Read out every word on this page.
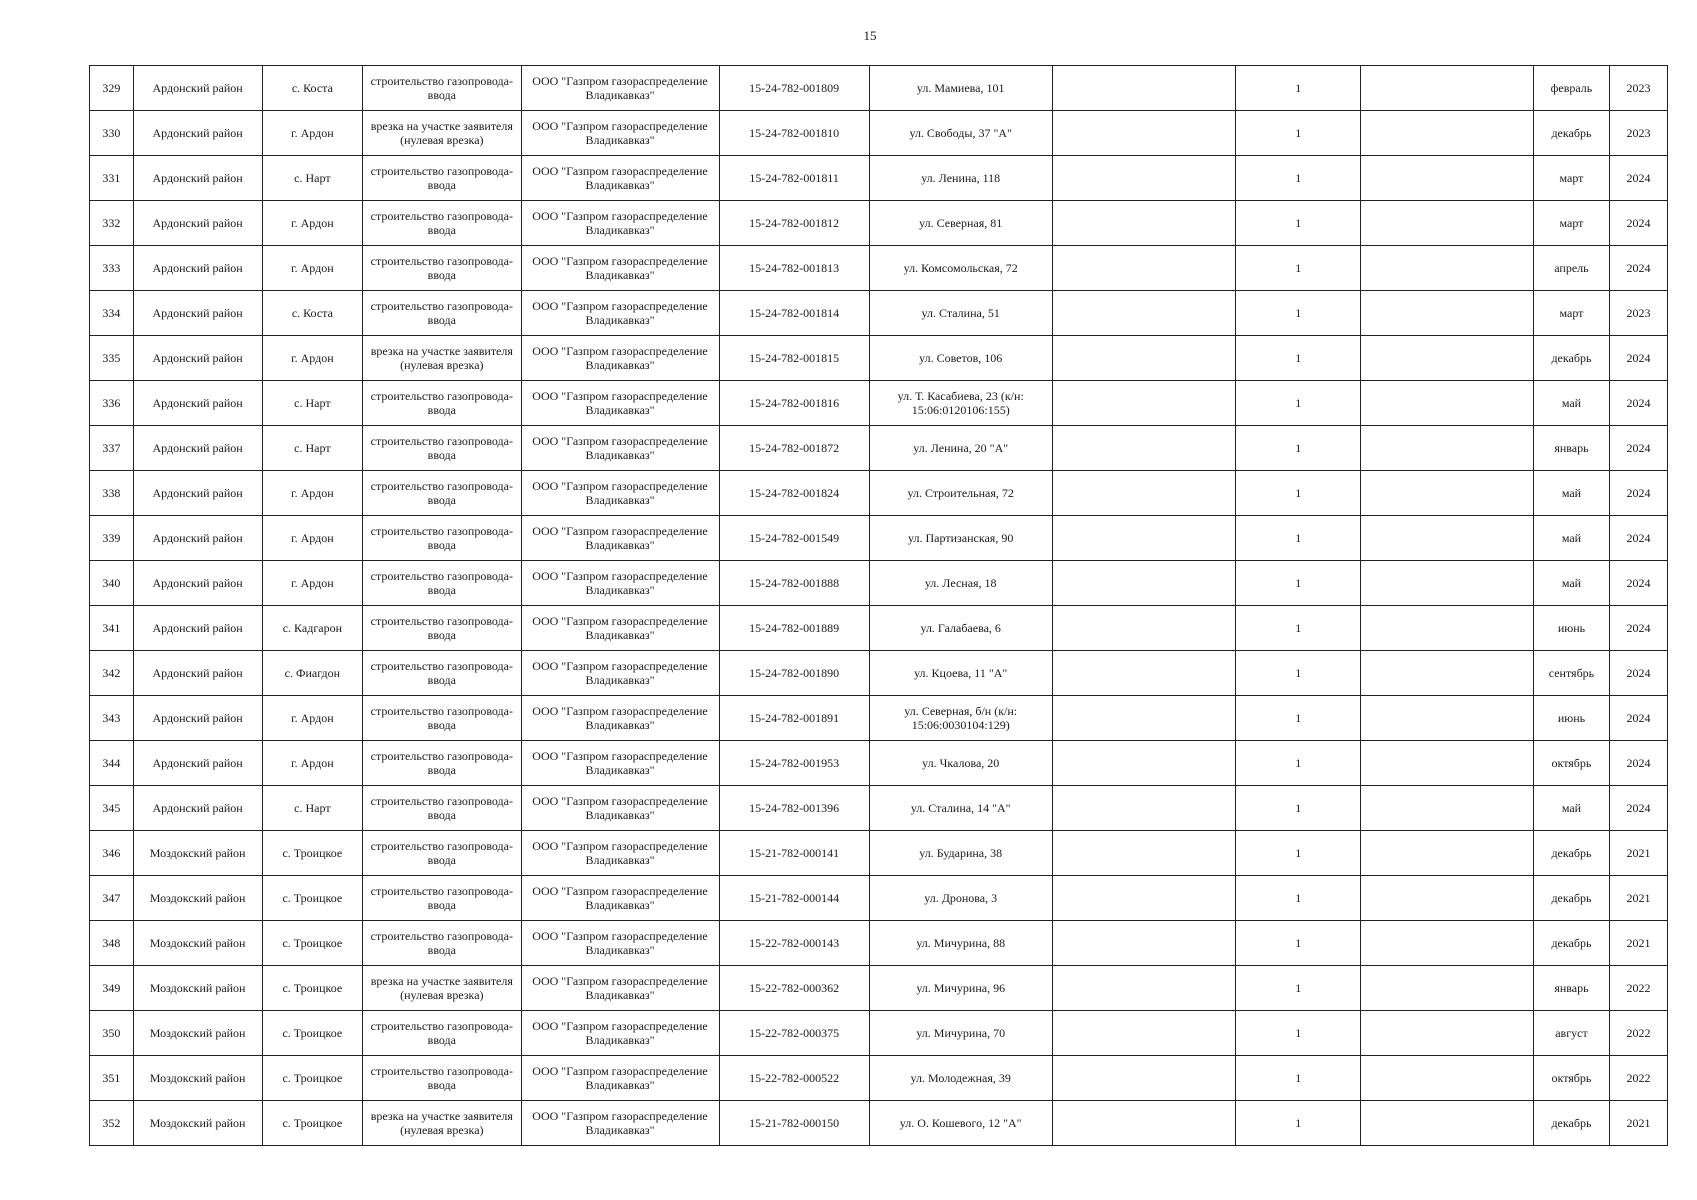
15
329	Ардонский район	с. Коста	строительство газопровода-ввода	ООО "Газпром газораспределение Владикавказ"	15-24-782-001809	ул. Мамиева, 101		1		февраль	2023
330	Ардонский район	г. Ардон	врезка на участке заявителя (нулевая врезка)	ООО "Газпром газораспределение Владикавказ"	15-24-782-001810	ул. Свободы, 37 "А"		1		декабрь	2023
331	Ардонский район	с. Нарт	строительство газопровода-ввода	ООО "Газпром газораспределение Владикавказ"	15-24-782-001811	ул. Ленина, 118		1		март	2024
332	Ардонский район	г. Ардон	строительство газопровода-ввода	ООО "Газпром газораспределение Владикавказ"	15-24-782-001812	ул. Северная, 81		1		март	2024
333	Ардонский район	г. Ардон	строительство газопровода-ввода	ООО "Газпром газораспределение Владикавказ"	15-24-782-001813	ул. Комсомольская, 72		1		апрель	2024
334	Ардонский район	с. Коста	строительство газопровода-ввода	ООО "Газпром газораспределение Владикавказ"	15-24-782-001814	ул. Сталина, 51		1		март	2023
335	Ардонский район	г. Ардон	врезка на участке заявителя (нулевая врезка)	ООО "Газпром газораспределение Владикавказ"	15-24-782-001815	ул. Советов, 106		1		декабрь	2024
336	Ардонский район	с. Нарт	строительство газопровода-ввода	ООО "Газпром газораспределение Владикавказ"	15-24-782-001816	ул. Т. Касабиева, 23 (к/н: 15:06:0120106:155)		1		май	2024
337	Ардонский район	с. Нарт	строительство газопровода-ввода	ООО "Газпром газораспределение Владикавказ"	15-24-782-001872	ул. Ленина, 20 "А"		1		январь	2024
338	Ардонский район	г. Ардон	строительство газопровода-ввода	ООО "Газпром газораспределение Владикавказ"	15-24-782-001824	ул. Строительная, 72		1		май	2024
339	Ардонский район	г. Ардон	строительство газопровода-ввода	ООО "Газпром газораспределение Владикавказ"	15-24-782-001549	ул. Партизанская, 90		1		май	2024
340	Ардонский район	г. Ардон	строительство газопровода-ввода	ООО "Газпром газораспределение Владикавказ"	15-24-782-001888	ул. Лесная, 18		1		май	2024
341	Ардонский район	с. Кадгарон	строительство газопровода-ввода	ООО "Газпром газораспределение Владикавказ"	15-24-782-001889	ул. Галабаева, 6		1		июнь	2024
342	Ардонский район	с. Фиагдон	строительство газопровода-ввода	ООО "Газпром газораспределение Владикавказ"	15-24-782-001890	ул. Кцоева, 11 "А"		1		сентябрь	2024
343	Ардонский район	г. Ардон	строительство газопровода-ввода	ООО "Газпром газораспределение Владикавказ"	15-24-782-001891	ул. Северная, б/н (к/н: 15:06:0030104:129)		1		июнь	2024
344	Ардонский район	г. Ардон	строительство газопровода-ввода	ООО "Газпром газораспределение Владикавказ"	15-24-782-001953	ул. Чкалова, 20		1		октябрь	2024
345	Ардонский район	с. Нарт	строительство газопровода-ввода	ООО "Газпром газораспределение Владикавказ"	15-24-782-001396	ул. Сталина, 14 "А"		1		май	2024
346	Моздокский район	с. Троицкое	строительство газопровода-ввода	ООО "Газпром газораспределение Владикавказ"	15-21-782-000141	ул. Бударина, 38		1		декабрь	2021
347	Моздокский район	с. Троицкое	строительство газопровода-ввода	ООО "Газпром газораспределение Владикавказ"	15-21-782-000144	ул. Дронова, 3		1		декабрь	2021
348	Моздокский район	с. Троицкое	строительство газопровода-ввода	ООО "Газпром газораспределение Владикавказ"	15-22-782-000143	ул. Мичурина, 88		1		декабрь	2021
349	Моздокский район	с. Троицкое	врезка на участке заявителя (нулевая врезка)	ООО "Газпром газораспределение Владикавказ"	15-22-782-000362	ул. Мичурина, 96		1		январь	2022
350	Моздокский район	с. Троицкое	строительство газопровода-ввода	ООО "Газпром газораспределение Владикавказ"	15-22-782-000375	ул. Мичурина, 70		1		август	2022
351	Моздокский район	с. Троицкое	строительство газопровода-ввода	ООО "Газпром газораспределение Владикавказ"	15-22-782-000522	ул. Молодежная, 39		1		октябрь	2022
352	Моздокский район	с. Троицкое	врезка на участке заявителя (нулевая врезка)	ООО "Газпром газораспределение Владикавказ"	15-21-782-000150	ул. О. Кошевого, 12 "А"		1		декабрь	2021
